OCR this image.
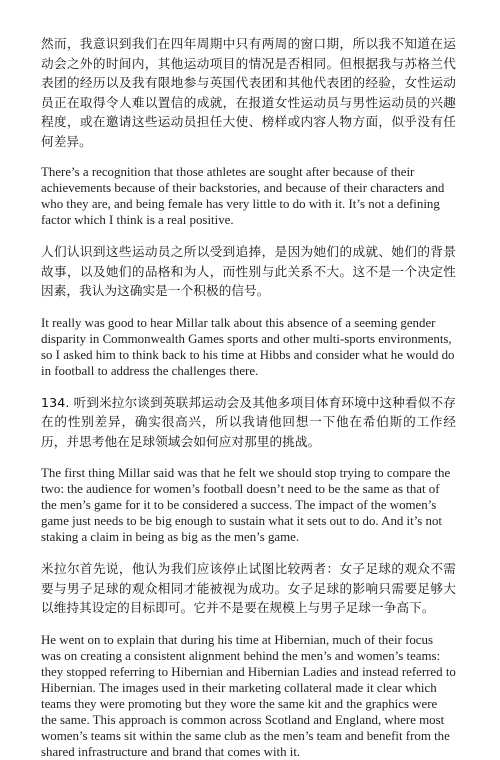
然而，我意识到我们在四年周期中只有两周的窗口期，所以我不知道在运动会之外的时间内，其他运动项目的情况是否相同。但根据我与苏格兰代表团的经历以及我有限地参与英国代表团和其他代表团的经验，女性运动员正在取得令人难以置信的成就，在报道女性运动员与男性运动员的兴趣程度，或在邀请这些运动员担任大使、榜样或内容人物方面，似乎没有任何差异。

There’s a recognition that those athletes are sought after because of their achievements because of their backstories, and because of their characters and who they are, and being female has very little to do with it. It’s not a defining factor which I think is a real positive.

人们认识到这些运动员之所以受到追捧，是因为她们的成就、她们的背景故事，以及她们的品格和为人，而性别与此关系不大。这不是一个决定性因素，我认为这确实是一个积极的信号。

It really was good to hear Millar talk about this absence of a seeming gender disparity in Commonwealth Games sports and other multi-sports environments, so I asked him to think back to his time at Hibbs and consider what he would do in football to address the challenges there.

134. 听到米拉尔谈到英联邦运动会及其他多项目体育环境中这种看似不存在的性别差异，确实很高兴，所以我请他回想一下他在希伯斯的工作经历，并思考他在足球领域会如何应对那里的挑战。

The first thing Millar said was that he felt we should stop trying to compare the two: the audience for women’s football doesn’t need to be the same as that of the men’s game for it to be considered a success. The impact of the women’s game just needs to be big enough to sustain what it sets out to do. And it’s not staking a claim in being as big as the men’s game.

米拉尔首先说，他认为我们应该停止试图比较两者：女子足球的观众不需要与男子足球的观众相同才能被视为成功。女子足球的影响只需要足够大以维持其设定的目标即可。它并不是要在规模上与男子足球一争高下。

He went on to explain that during his time at Hibernian, much of their focus was on creating a consistent alignment behind the men’s and women’s teams: they stopped referring to Hibernian and Hibernian Ladies and instead referred to Hibernian. The images used in their marketing collateral made it clear which teams they were promoting but they wore the same kit and the graphics were the same. This approach is common across Scotland and England, where most women’s teams sit within the same club as the men’s team and benefit from the shared infrastructure and brand that comes with it.
